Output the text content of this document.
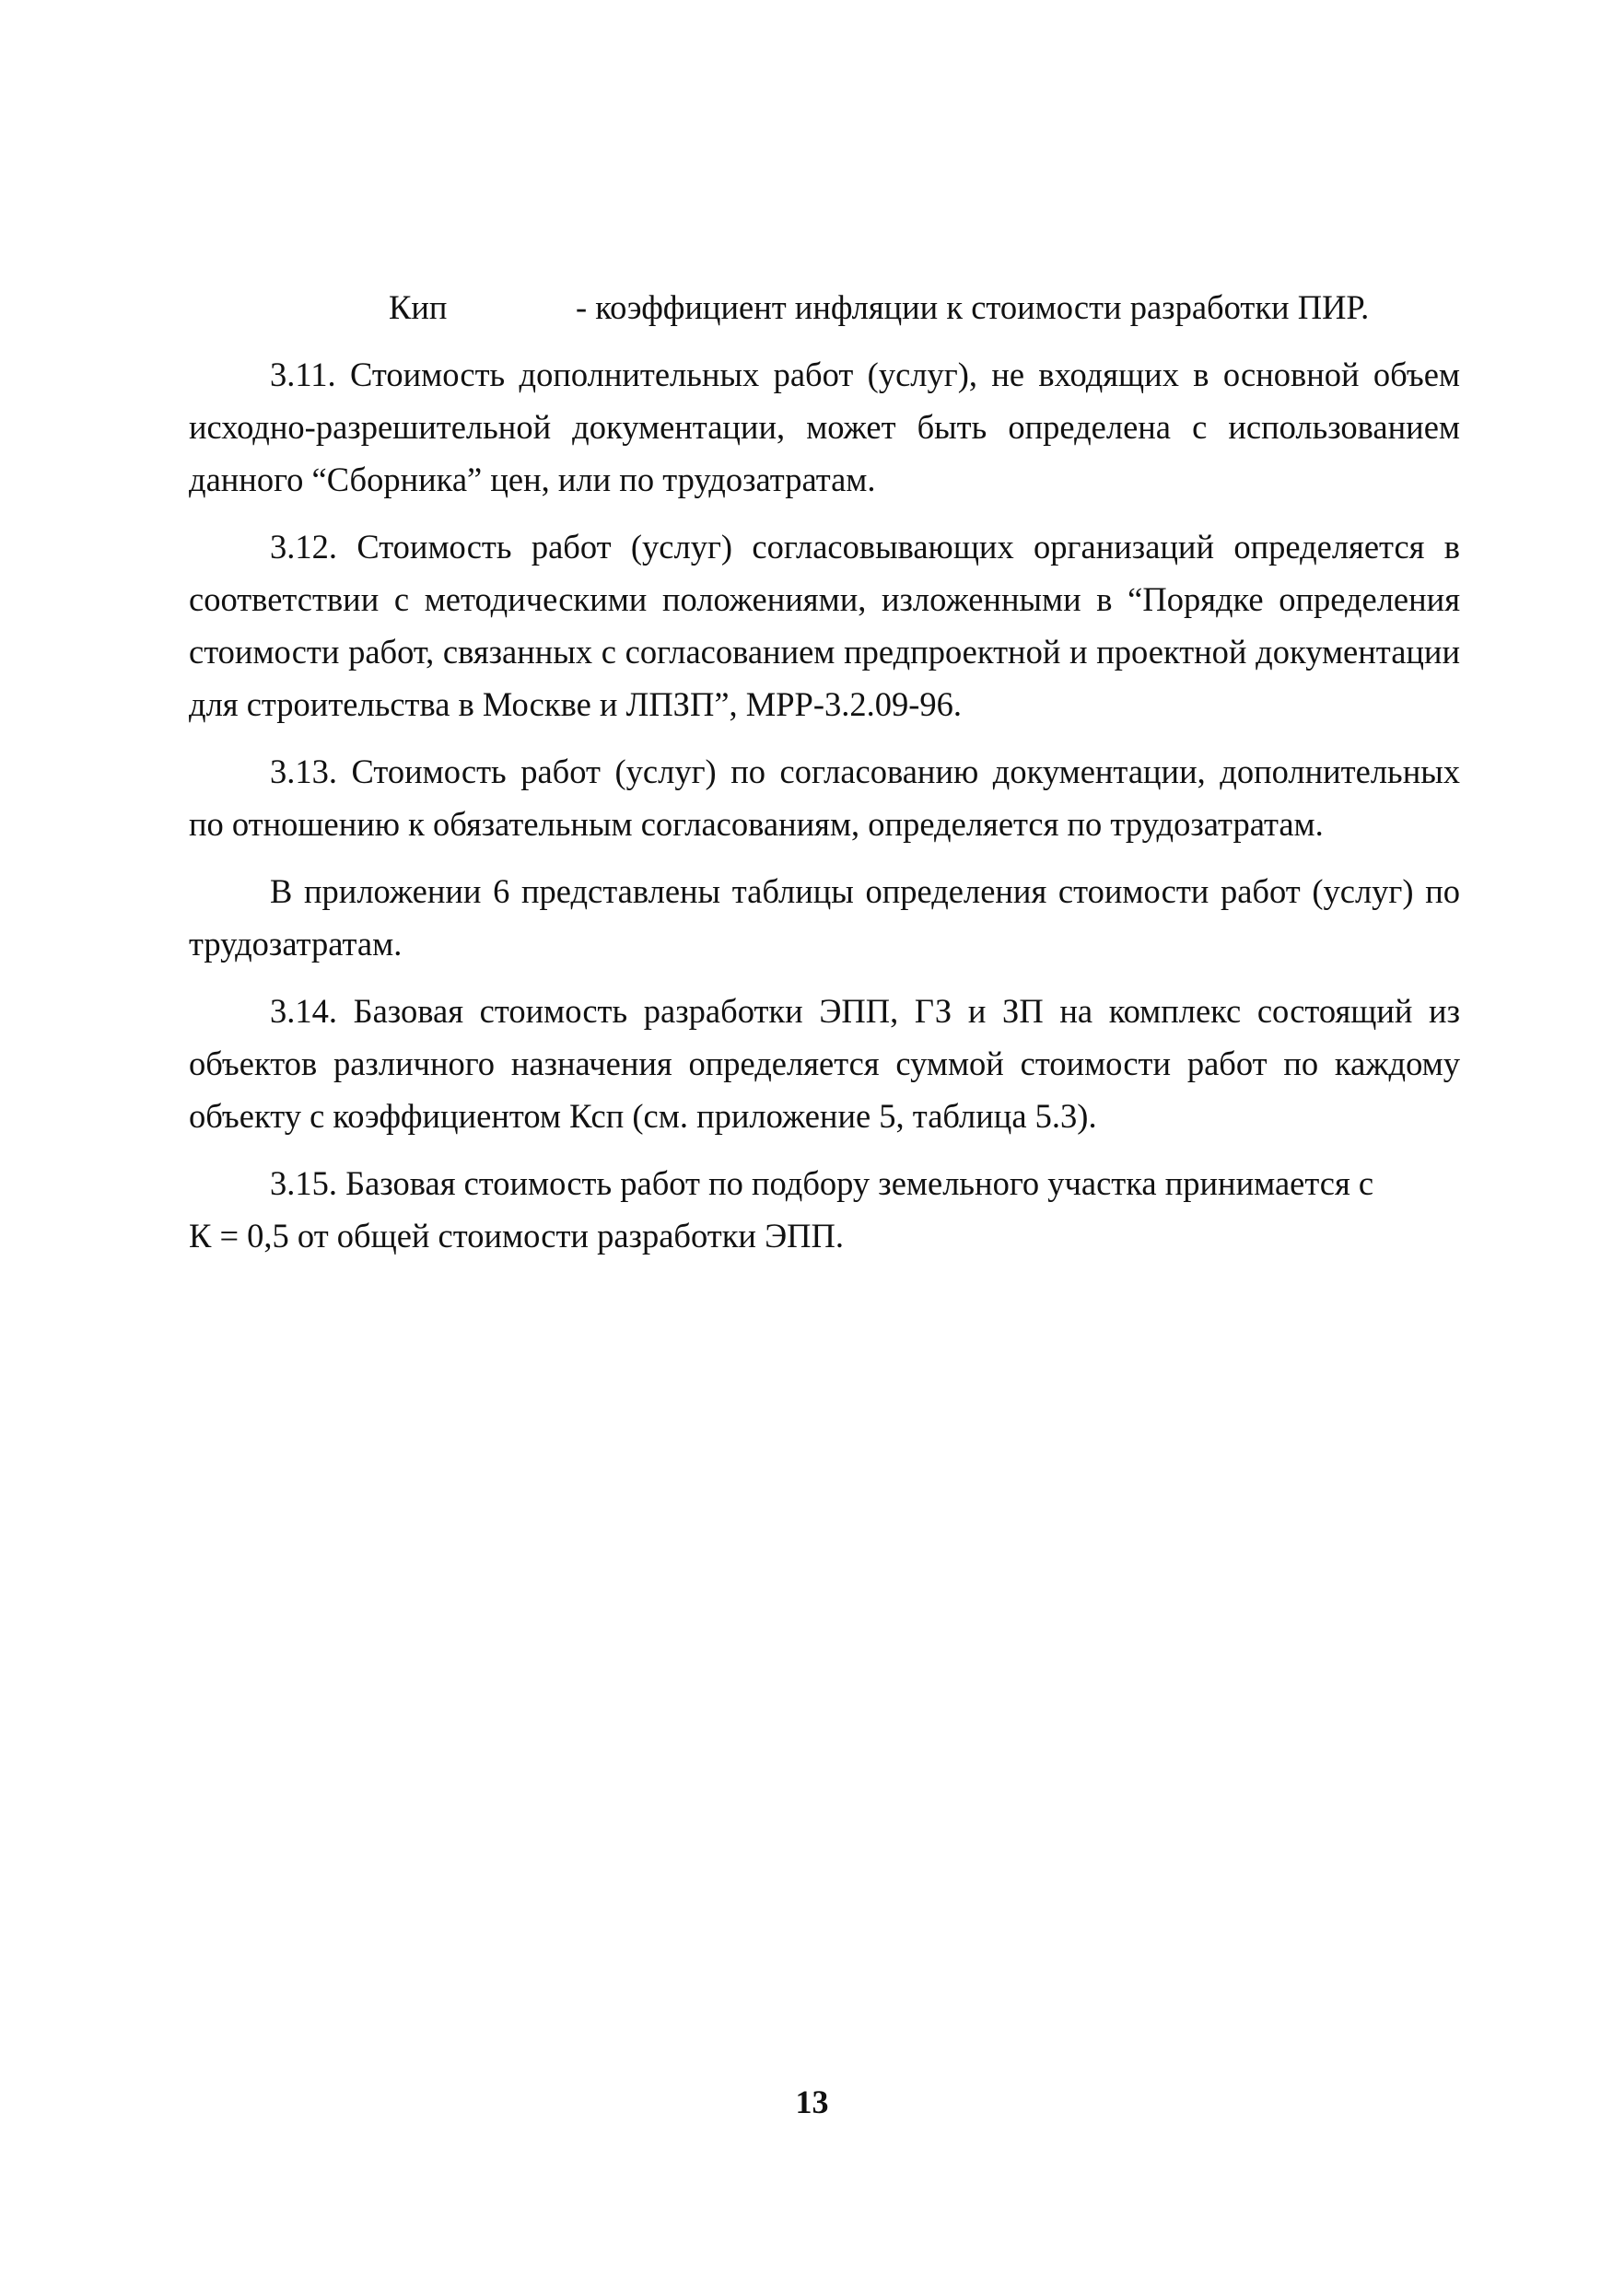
Кип	- коэффициент инфляции к стоимости разработки ПИР.

3.11. Стоимость дополнительных работ (услуг), не входящих в основной объем исходно-разрешительной документации, может быть определена с использованием данного “Сборника” цен, или по трудозатратам.

3.12. Стоимость работ (услуг) согласовывающих организаций определяется в соответствии с методическими положениями, изложенными в “Порядке определения стоимости работ, связанных с согласованием предпроектной и проектной документации для строительства в Москве и ЛПЗП”, МРР-3.2.09-96.

3.13. Стоимость работ (услуг) по согласованию документации, дополнительных по отношению к обязательным согласованиям, определяется по трудозатратам.

В приложении 6 представлены таблицы определения стоимости работ (услуг) по трудозатратам.

3.14. Базовая стоимость разработки ЭПП, ГЗ и ЗП на комплекс состоящий из объектов различного назначения определяется суммой стоимости работ по каждому объекту с коэффициентом Ксп (см. приложение 5, таблица 5.3).

3.15. Базовая стоимость работ по подбору земельного участка принимается с

К = 0,5 от общей стоимости разработки ЭПП.

13
